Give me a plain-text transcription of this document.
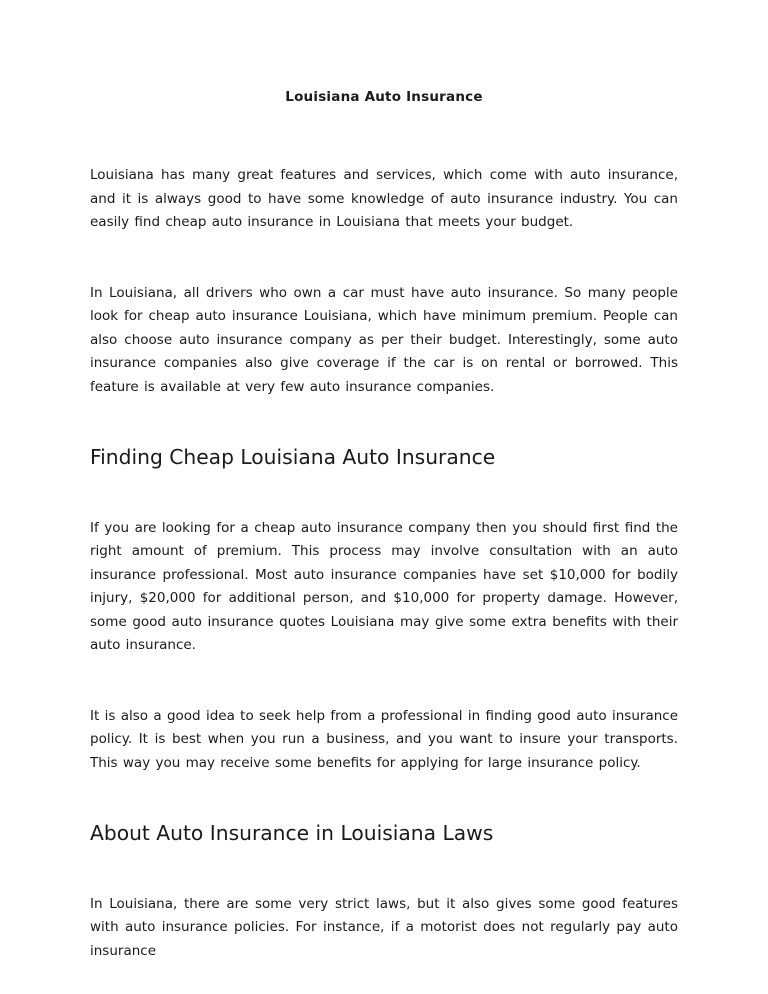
Louisiana Auto Insurance

Louisiana has many great features and services, which come with auto insurance, and it is always good to have some knowledge of auto insurance industry. You can easily find cheap auto insurance in Louisiana that meets your budget.

In Louisiana, all drivers who own a car must have auto insurance. So many people look for cheap auto insurance Louisiana, which have minimum premium. People can also choose auto insurance company as per their budget. Interestingly, some auto insurance companies also give coverage if the car is on rental or borrowed. This feature is available at very few auto insurance companies.

Finding Cheap Louisiana Auto Insurance

If you are looking for a cheap auto insurance company then you should first find the right amount of premium. This process may involve consultation with an auto insurance professional. Most auto insurance companies have set $10,000 for bodily injury, $20,000 for additional person, and $10,000 for property damage. However, some good auto insurance quotes Louisiana may give some extra benefits with their auto insurance.

It is also a good idea to seek help from a professional in finding good auto insurance policy. It is best when you run a business, and you want to insure your transports. This way you may receive some benefits for applying for large insurance policy.

About Auto Insurance in Louisiana Laws

In Louisiana, there are some very strict laws, but it also gives some good features with auto insurance policies. For instance, if a motorist does not regularly pay auto insurance
